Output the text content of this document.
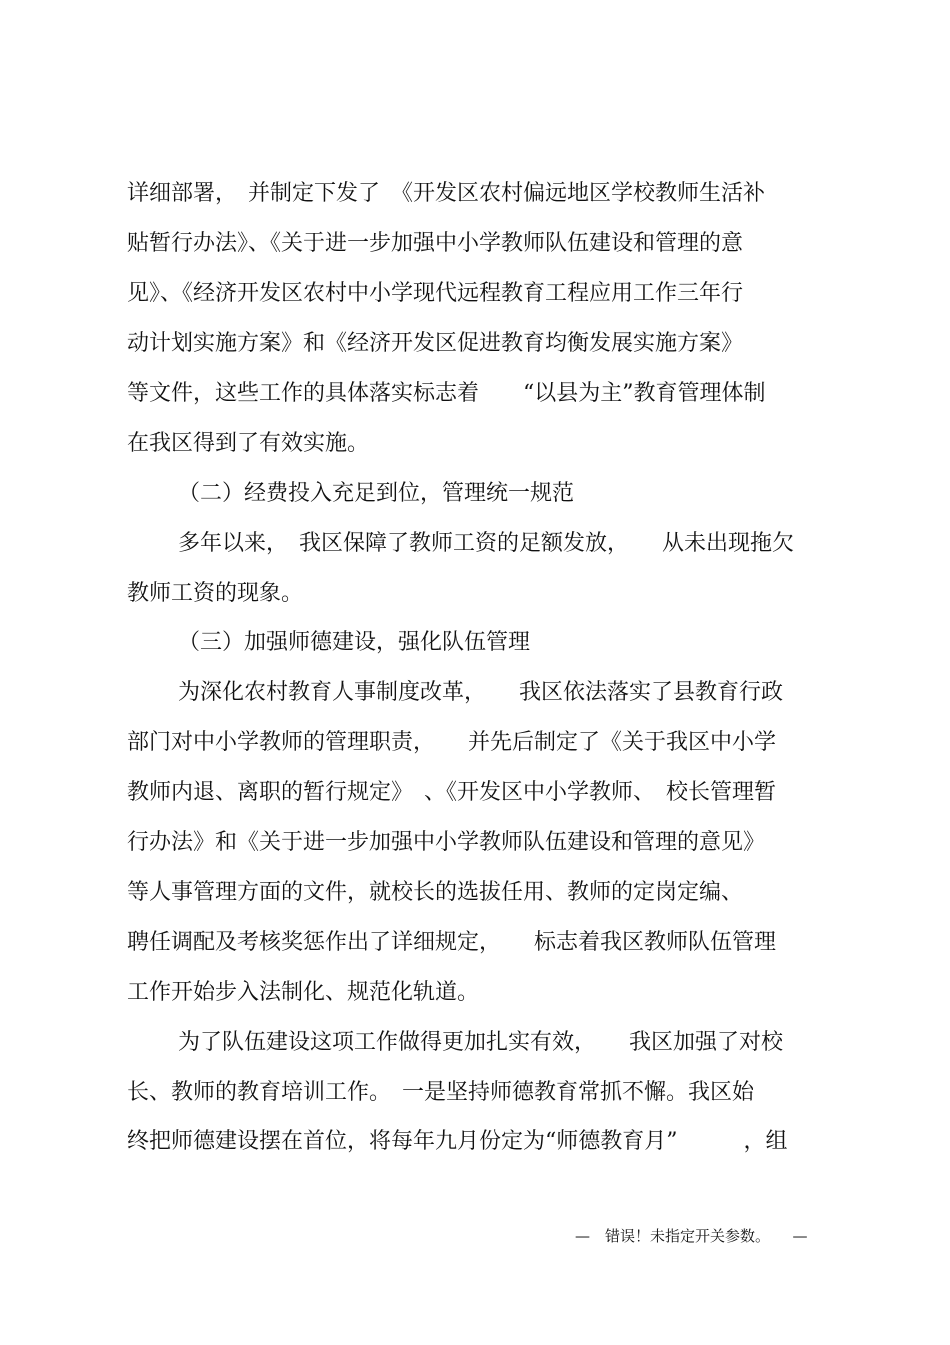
详细部署，　并制定下发了　《开发区农村偏远地区学校教师生活补
贴暂行办法》、《关于进一步加强中小学教师队伍建设和管理的意
见》、《经济开发区农村中小学现代远程教育工程应用工作三年行
动计划实施方案》和《经济开发区促进教育均衡发展实施方案》
等文件，这些工作的具体落实标志着　　“以县为主”教育管理体制
在我区得到了有效实施。
（二）经费投入充足到位，管理统一规范
多年以来，　我区保障了教师工资的足额发放，　　从未出现拖欠
教师工资的现象。
（三）加强师德建设，强化队伍管理
为深化农村教育人事制度改革，　　我区依法落实了县教育行政
部门对中小学教师的管理职责，　　并先后制定了《关于我区中小学
教师内退、离职的暂行规定》　、《开发区中小学教师、　校长管理暂
行办法》和《关于进一步加强中小学教师队伍建设和管理的意见》
等人事管理方面的文件，就校长的选拔任用、教师的定岗定编、
聘任调配及考核奖惩作出了详细规定，　　标志着我区教师队伍管理
工作开始步入法制化、规范化轨道。
为了队伍建设这项工作做得更加扎实有效，　　我区加强了对校
长、教师的教育培训工作。　一是坚持师德教育常抓不懈。我区始
终把师德建设摆在首位，将每年九月份定为“师德教育月”　　　，组
—　错误！未指定开关参数。　　—
